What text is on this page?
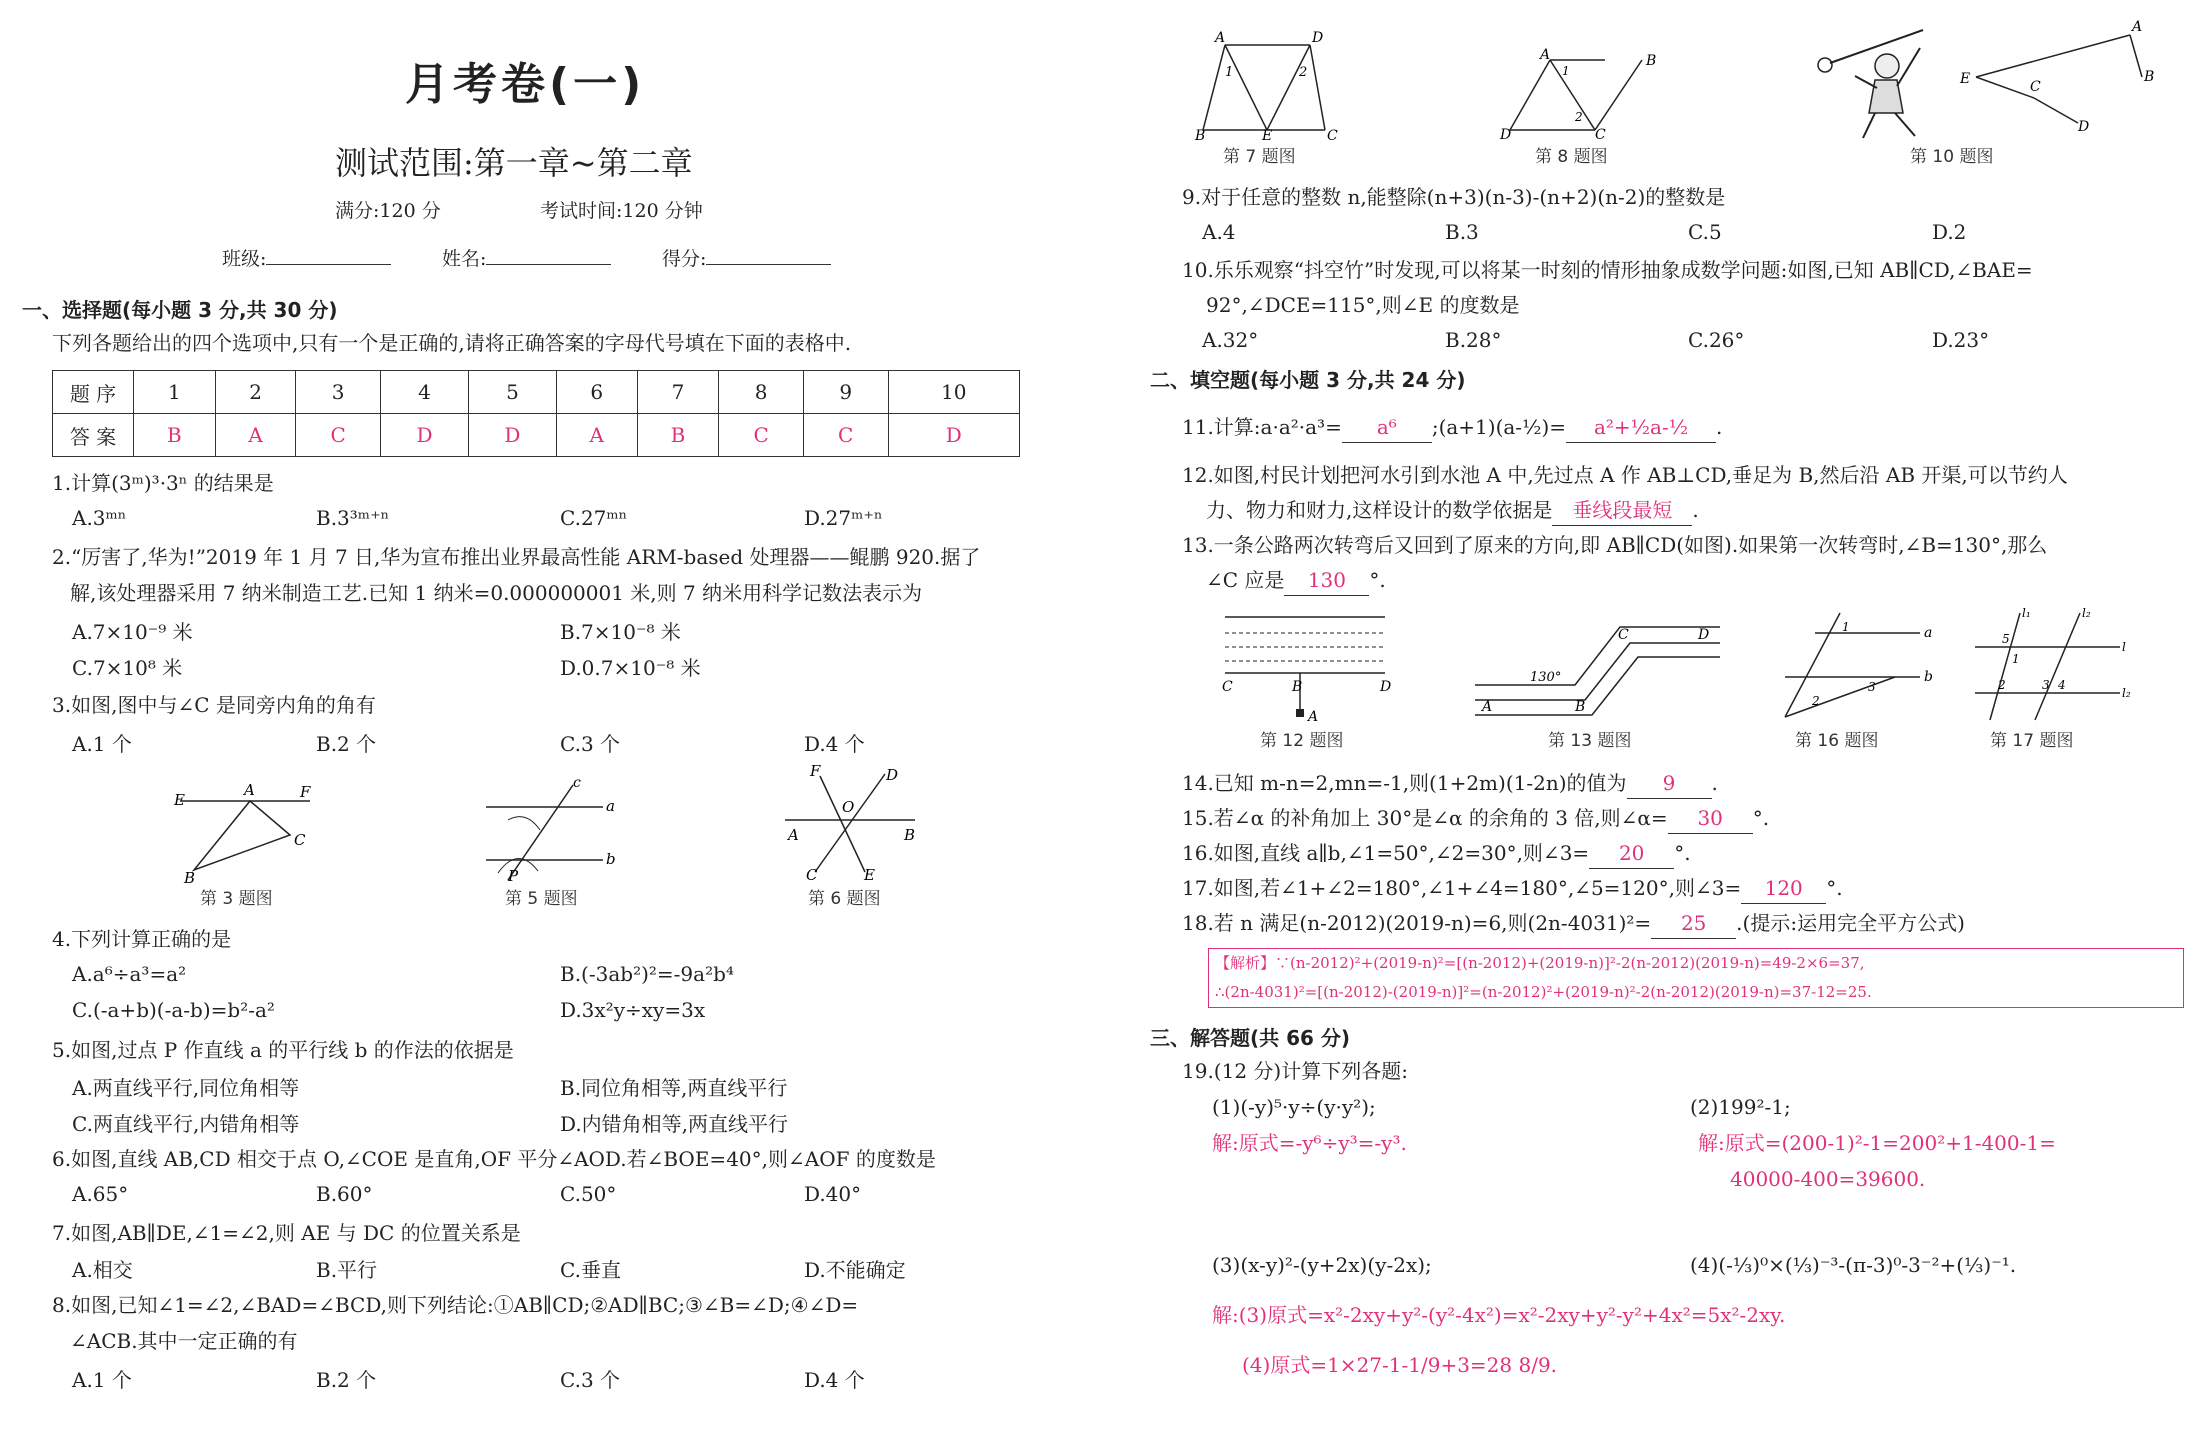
月考卷(一)
测试范围:第一章~第二章
满分:120 分	考试时间:120 分钟
班级:	姓名:	得分:
一、选择题(每小题 3 分,共 30 分)
下列各题给出的四个选项中,只有一个是正确的,请将正确答案的字母代号填在下面的表格中.
题 序	1	2	3	4	5	6	7	8	9	10
答 案	B	A	C	D	D	A	B	C	C	D
1.计算(3ᵐ)³·3ⁿ 的结果是
A.3ᵐⁿ	B.3³ᵐ⁺ⁿ	C.27ᵐⁿ	D.27ᵐ⁺ⁿ
2.“厉害了,华为!”2019 年 1 月 7 日,华为宣布推出业界最高性能 ARM-based 处理器——鲲鹏 920.据了
解,该处理器采用 7 纳米制造工艺.已知 1 纳米=0.000000001 米,则 7 纳米用科学记数法表示为
A.7×10⁻⁹ 米	B.7×10⁻⁸ 米
C.7×10⁸ 米	D.0.7×10⁻⁸ 米
3.如图,图中与∠C 是同旁内角的角有
A.1 个	B.2 个	C.3 个	D.4 个
E
A	F
C
B
第 3 题图
a
b
c
P
第 5 题图
F	D
O
A	B
C	E
第 6 题图
4.下列计算正确的是
A.a⁶÷a³=a²	B.(-3ab²)²=-9a²b⁴
C.(-a+b)(-a-b)=b²-a²	D.3x²y÷xy=3x
5.如图,过点 P 作直线 a 的平行线 b 的作法的依据是
A.两直线平行,同位角相等	B.同位角相等,两直线平行
C.两直线平行,内错角相等	D.内错角相等,两直线平行
6.如图,直线 AB,CD 相交于点 O,∠COE 是直角,OF 平分∠AOD.若∠BOE=40°,则∠AOF 的度数是
A.65°	B.60°	C.50°	D.40°
7.如图,AB∥DE,∠1=∠2,则 AE 与 DC 的位置关系是
A.相交	B.平行	C.垂直	D.不能确定
8.如图,已知∠1=∠2,∠BAD=∠BCD,则下列结论:①AB∥CD;②AD∥BC;③∠B=∠D;④∠D=
∠ACB.其中一定正确的有
A.1 个	B.2 个	C.3 个	D.4 个
A	D
1	2
B	E	C
第 7 题图
A
1
B
2
D	C
第 8 题图
E
A
B
C
D
第 10 题图
9.对于任意的整数 n,能整除(n+3)(n-3)-(n+2)(n-2)的整数是
A.4	B.3	C.5	D.2
10.乐乐观察“抖空竹”时发现,可以将某一时刻的情形抽象成数学问题:如图,已知 AB∥CD,∠BAE=
92°,∠DCE=115°,则∠E 的度数是
A.32°	B.28°	C.26°	D.23°
二、填空题(每小题 3 分,共 24 分)
11.计算:a·a²·a³= a⁶ ;(a+1)(a-½)= a²+½a-½ .
12.如图,村民计划把河水引到水池 A 中,先过点 A 作 AB⊥CD,垂足为 B,然后沿 AB 开渠,可以节约人
力、物力和财力,这样设计的数学依据是 垂线段最短 .
13.一条公路两次转弯后又回到了原来的方向,即 AB∥CD(如图).如果第一次转弯时,∠B=130°,那么
∠C 应是 130 °.
C	B	D
A
第 12 题图
A	B
130°
C	D
第 13 题图
1
2
3
a
b
第 16 题图
5
1
2	3 4
l₁	l₂
l
l₂
第 17 题图
14.已知 m-n=2,mn=-1,则(1+2m)(1-2n)的值为 9 .
15.若∠α 的补角加上 30°是∠α 的余角的 3 倍,则∠α= 30 °.
16.如图,直线 a∥b,∠1=50°,∠2=30°,则∠3= 20 °.
17.如图,若∠1+∠2=180°,∠1+∠4=180°,∠5=120°,则∠3= 120 °.
18.若 n 满足(n-2012)(2019-n)=6,则(2n-4031)²= 25 .(提示:运用完全平方公式)
【解析】∵(n-2012)²+(2019-n)²=[(n-2012)+(2019-n)]²-2(n-2012)(2019-n)=49-2×6=37,
∴(2n-4031)²=[(n-2012)-(2019-n)]²=(n-2012)²+(2019-n)²-2(n-2012)(2019-n)=37-12=25.
三、解答题(共 66 分)
19.(12 分)计算下列各题:
(1)(-y)⁵·y÷(y·y²);	(2)199²-1;
解:原式=-y⁶÷y³=-y³.	解:原式=(200-1)²-1=200²+1-400-1=
40000-400=39600.
(3)(x-y)²-(y+2x)(y-2x);	(4)(-⅓)⁰×(⅓)⁻³-(π-3)⁰-3⁻²+(⅓)⁻¹.
解:(3)原式=x²-2xy+y²-(y²-4x²)=x²-2xy+y²-y²+4x²=5x²-2xy.
(4)原式=1×27-1-1/9+3=28 8/9.
